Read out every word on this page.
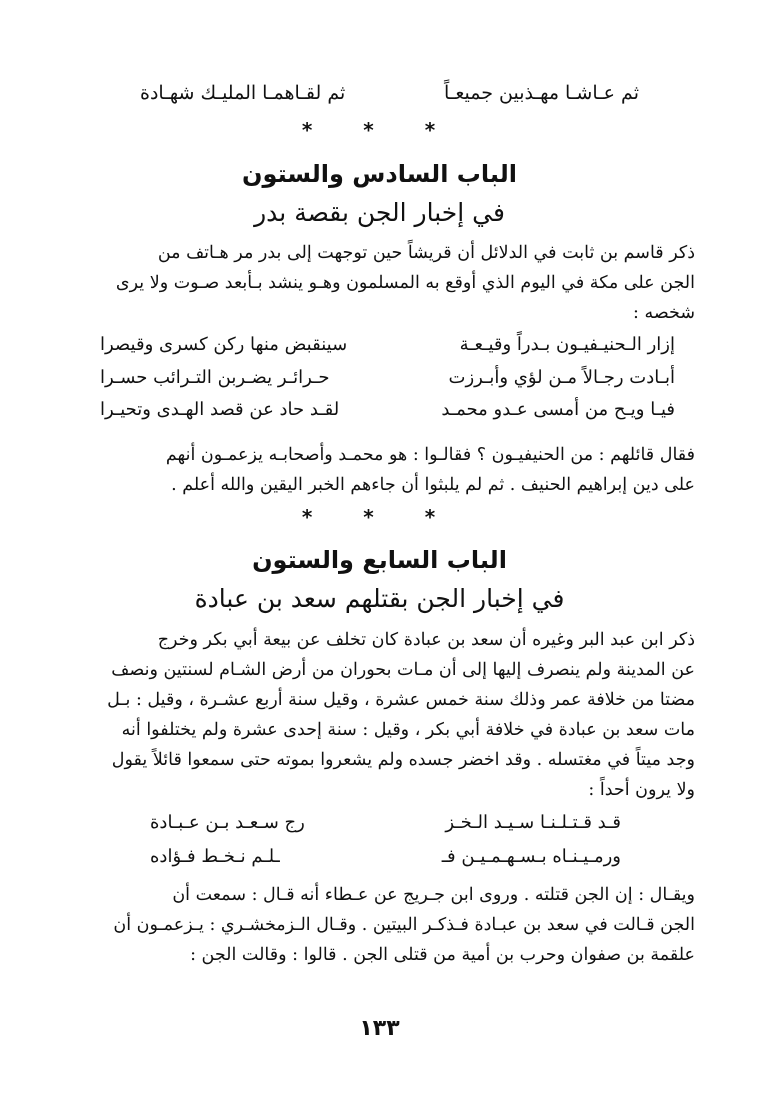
ثم عـاشـا مهـذبين جميعـاً
ثم لقـاهمـا المليـك شهـادة
* * *
الباب السادس والستون
في إخبار الجن بقصة بدر
ذكر قاسم بن ثابت في الدلائل أن قريشاً حين توجهت إلى بدر مر هـاتف من
الجن على مكة في اليوم الذي أوقع به المسلمون وهـو ينشد بـأبعد صـوت ولا يرى
شخصه :
إزار الـحنيـفيـون بـدراً وقيـعـة
سينقبض منها ركن كسرى وقيصرا
أبـادت رجـالاً مـن لؤي وأبـرزت
حـرائـر يضـربن التـرائب حسـرا
فيـا ويـح من أمسى عـدو محمـد
لقـد حاد عن قصد الهـدى وتحيـرا
فقال قائلهم : من الحنيفيـون ؟ فقالـوا : هو محمـد وأصحابـه يزعمـون أنهم
على دين إبراهيم الحنيف . ثم لم يلبثوا أن جاءهم الخبر اليقين والله أعلم .
* * *
الباب السابع والستون
في إخبار الجن بقتلهم سعد بن عبادة
ذكر ابن عبد البر وغيره أن سعد بن عبادة كان تخلف عن بيعة أبي بكر وخرج
عن المدينة ولم ينصرف إليها إلى أن مـات بحوران من أرض الشـام لسنتين ونصف
مضتا من خلافة عمر وذلك سنة خمس عشرة ، وقيل سنة أربع عشـرة ، وقيل : بـل
مات سعد بن عبادة في خلافة أبي بكر ، وقيل : سنة إحدى عشرة ولم يختلفوا أنه
وجد ميتاً في مغتسله . وقد اخضر جسده ولم يشعروا بموته حتى سمعوا قائلاً يقول
ولا يرون أحداً :
قـد قـتـلـنـا سـيـد الـخـز
رج سـعـد بـن عـبـادة
ورمـيـنـاه بـسـهـمـيـن فـ
ـلـم نـخـط فـؤاده
ويقـال : إن الجن قتلته . وروى ابن جـريج عن عـطاء أنه قـال : سمعت أن
الجن قـالت في سعد بن عبـادة فـذكـر البيتين . وقـال الـزمخشـري : يـزعمـون أن
علقمة بن صفوان وحرب بن أمية من قتلى الجن . قالوا : وقالت الجن :
١٣٣
